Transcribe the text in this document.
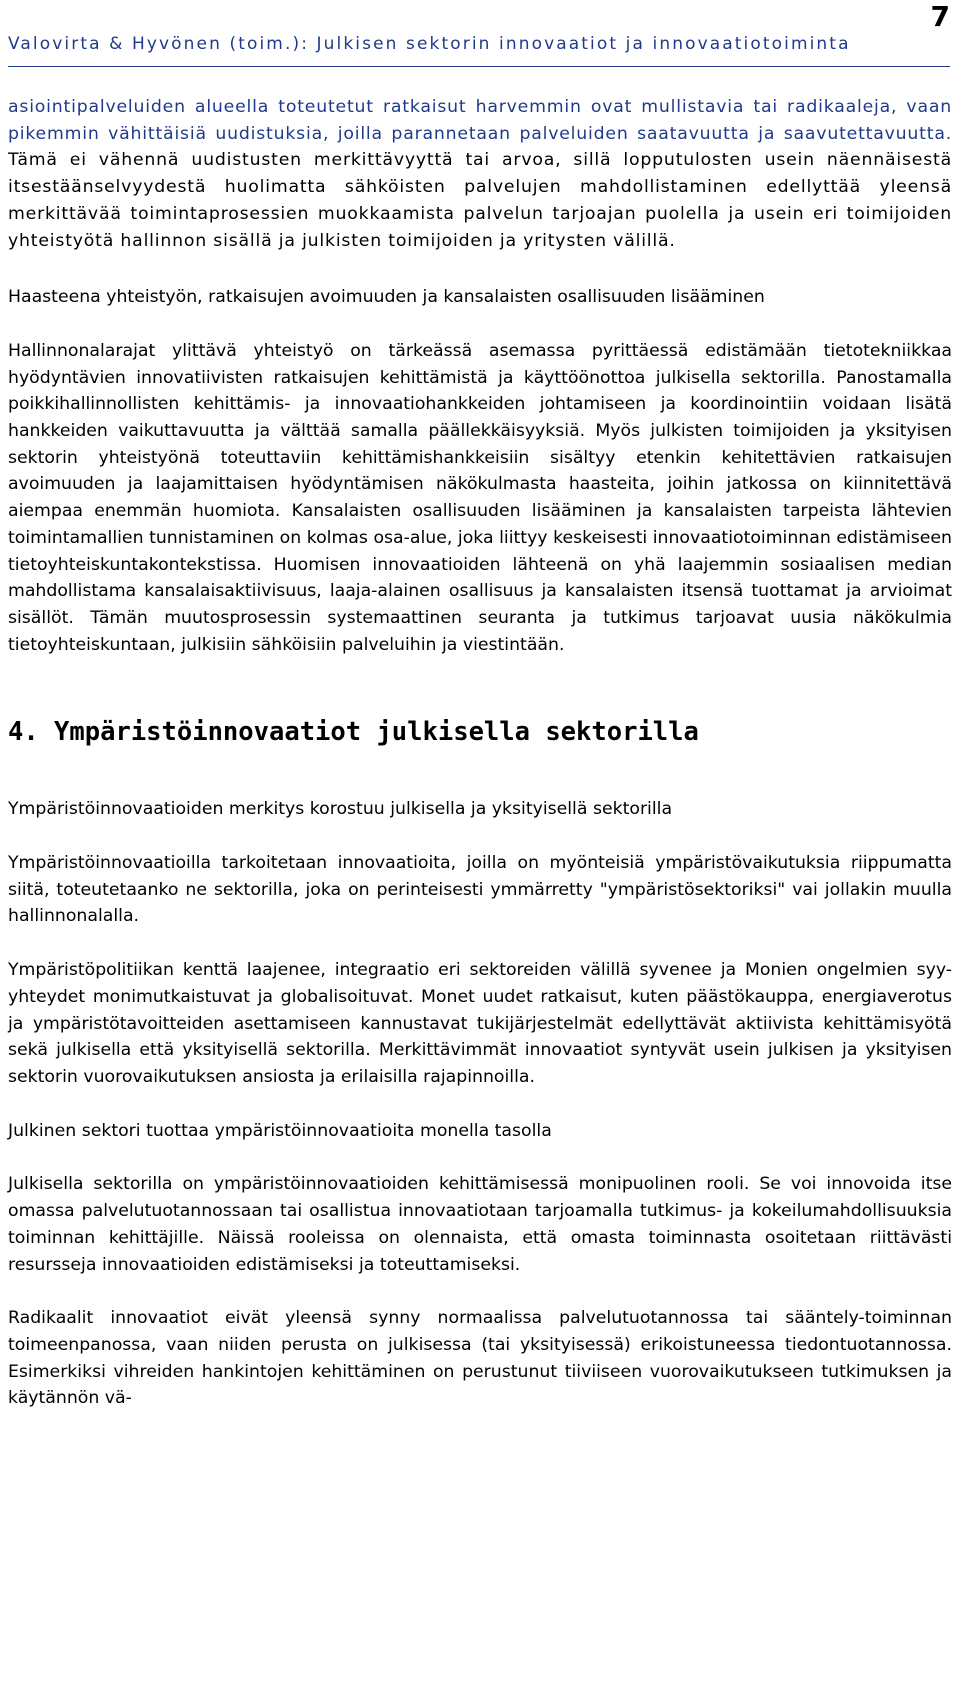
Valovirta & Hyvönen (toim.): Julkisen sektorin innovaatiot ja innovaatiotoiminta
7

asiointipalveluiden alueella toteutetut ratkaisut harvemmin ovat mullistavia tai radikaaleja, vaan pikemmin vähittäisiä uudistuksia, joilla parannetaan palveluiden saatavuutta ja saavutettavuutta. Tämä ei vähennä uudistusten merkittävyyttä tai arvoa, sillä lopputulosten usein näennäisestä itsestäänselvyydestä huolimatta sähköisten palvelujen mahdollistaminen edellyttää yleensä merkittävää toimintaprosessien muokkaamista palvelun tarjoajan puolella ja usein eri toimijoiden yhteistyötä hallinnon sisällä ja julkisten toimijoiden ja yritysten välillä.

Haasteena yhteistyön, ratkaisujen avoimuuden ja kansalaisten osallisuuden lisääminen

Hallinnonalarajat ylittävä yhteistyö on tärkeässä asemassa pyrittäessä edistämään tietotekniikkaa hyödyntävien innovatiivisten ratkaisujen kehittämistä ja käyttöönottoa julkisella sektorilla. Panostamalla poikkihallinnollisten kehittämis- ja innovaatiohankkeiden johtamiseen ja koordinointiin voidaan lisätä hankkeiden vaikuttavuutta ja välttää samalla päällekkäisyyksiä. Myös julkisten toimijoiden ja yksityisen sektorin yhteistyönä toteuttaviin kehittämishankkeisiin sisältyy etenkin kehitettävien ratkaisujen avoimuuden ja laajamittaisen hyödyntämisen näkökulmasta haasteita, joihin jatkossa on kiinnitettävä aiempaa enemmän huomiota. Kansalaisten osallisuuden lisääminen ja kansalaisten tarpeista lähtevien toimintamallien tunnistaminen on kolmas osa-alue, joka liittyy keskeisesti innovaatiotoiminnan edistämiseen tietoyhteiskuntakontekstissa. Huomisen innovaatioiden lähteenä on yhä laajemmin sosiaalisen median mahdollistama kansalaisaktiivisuus, laaja-alainen osallisuus ja kansalaisten itsensä tuottamat ja arvioimat sisällöt. Tämän muutosprosessin systemaattinen seuranta ja tutkimus tarjoavat uusia näkökulmia tietoyhteiskuntaan, julkisiin sähköisiin palveluihin ja viestintään.

4. Ympäristöinnovaatiot julkisella sektorilla

Ympäristöinnovaatioiden merkitys korostuu julkisella ja yksityisellä sektorilla

Ympäristöinnovaatioilla tarkoitetaan innovaatioita, joilla on myönteisiä ympäristövaikutuksia riippumatta siitä, toteutetaanko ne sektorilla, joka on perinteisesti ymmärretty "ympäristösektoriksi" vai jollakin muulla hallinnonalalla.

Ympäristöpolitiikan kenttä laajenee, integraatio eri sektoreiden välillä syvenee ja Monien ongelmien syy-yhteydet monimutkaistuvat ja globalisoituvat. Monet uudet ratkaisut, kuten päästökauppa, energiaverotus ja ympäristötavoitteiden asettamiseen kannustavat tukijärjestelmät edellyttävät aktiivista kehittämisyötä sekä julkisella että yksityisellä sektorilla. Merkittävimmät innovaatiot syntyvät usein julkisen ja yksityisen sektorin vuorovaikutuksen ansiosta ja erilaisilla rajapinnoilla.

Julkinen sektori tuottaa ympäristöinnovaatioita monella tasolla

Julkisella sektorilla on ympäristöinnovaatioiden kehittämisessä monipuolinen rooli. Se voi innovoida itse omassa palvelutuotannossaan tai osallistua innovaatiotaan tarjoamalla tutkimus- ja kokeilumahdollisuuksia toiminnan kehittäjille. Näissä rooleissa on olennaista, että omasta toiminnasta osoitetaan riittävästi resursseja innovaatioiden edistämiseksi ja toteuttamiseksi.

Radikaalit innovaatiot eivät yleensä synny normaalissa palvelutuotannossa tai sääntely-toiminnan toimeenpanossa, vaan niiden perusta on julkisessa (tai yksityisessä) erikoistuneessa tiedontuotannossa. Esimerkiksi vihreiden hankintojen kehittäminen on perustunut tiiviiseen vuorovaikutukseen tutkimuksen ja käytännön vä-
